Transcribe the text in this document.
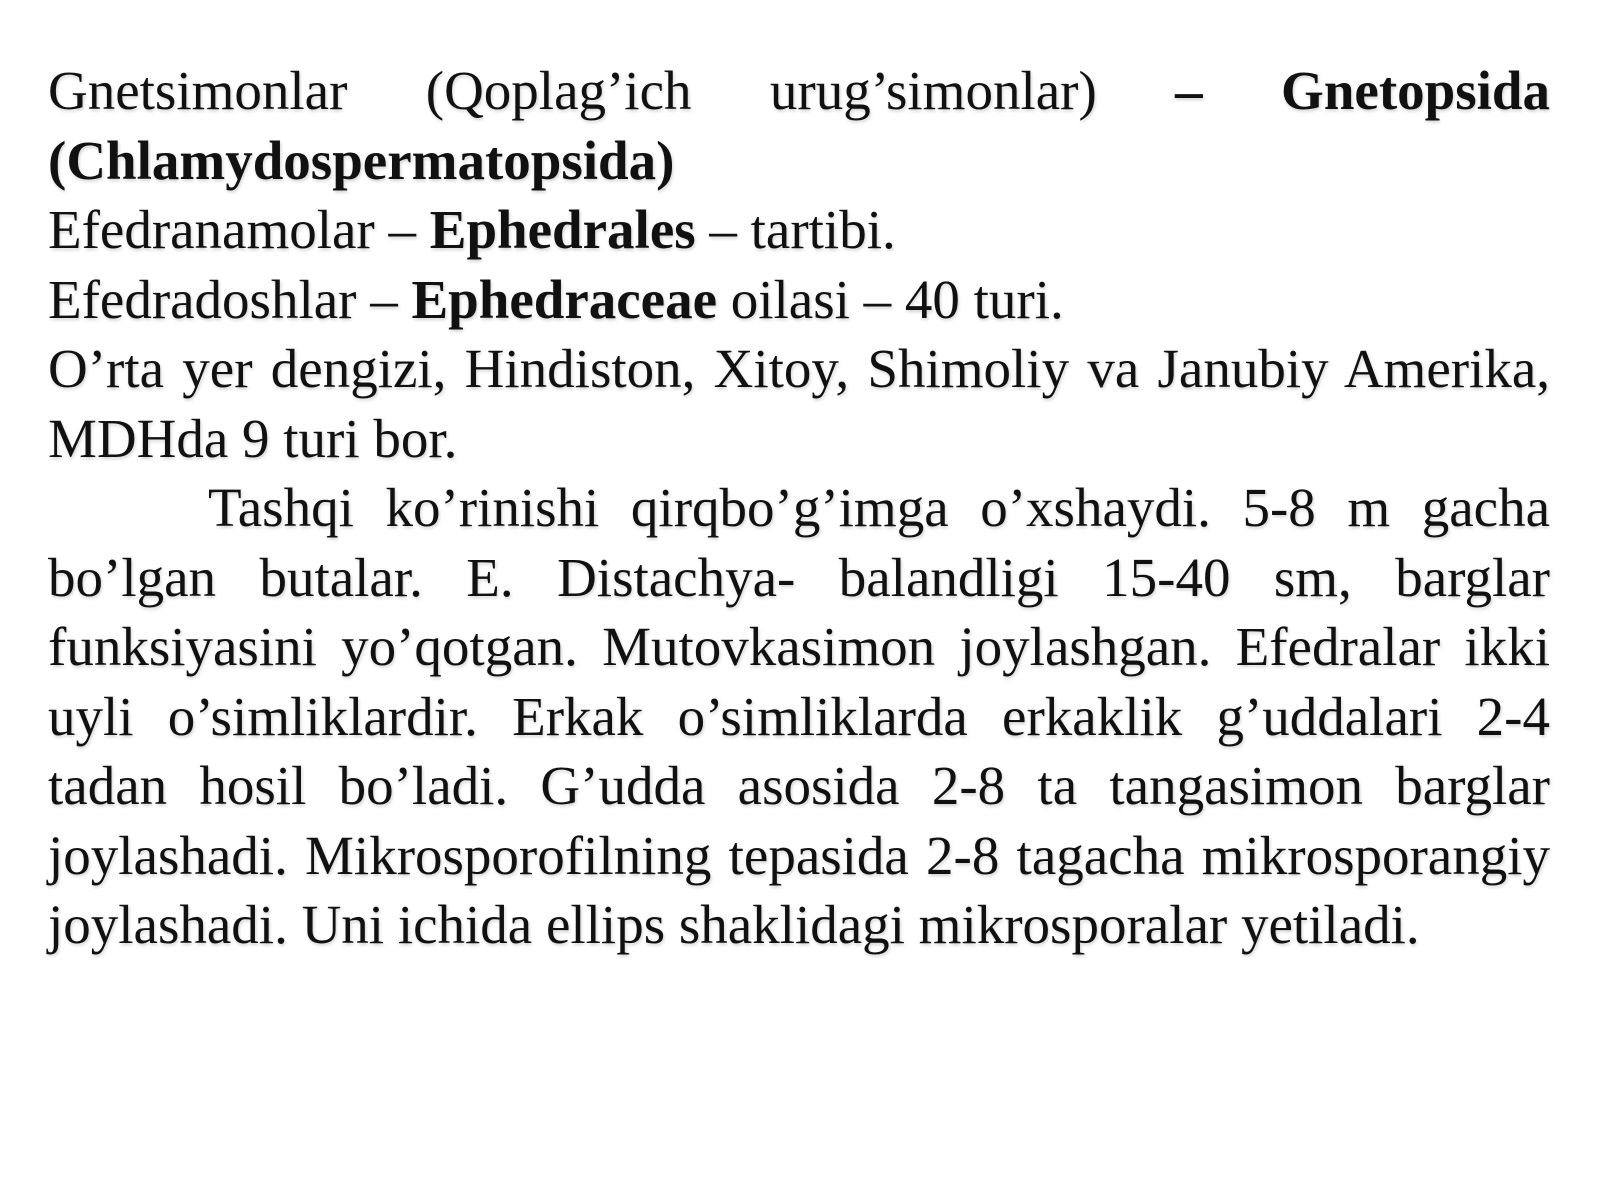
Gnetsimonlar (Qoplag’ich urug’simonlar) – Gnetopsida (Chlamydospermatopsida)

Efedranamolar – Ephedrales – tartibi.

Efedradoshlar – Ephedraceae oilasi – 40 turi.

O’rta yer dengizi, Hindiston, Xitoy, Shimoliy va Janubiy Amerika, MDHda 9 turi bor.

Tashqi ko’rinishi qirqbo’g’imga o’xshaydi. 5-8 m gacha bo’lgan butalar. E. Distachya- balandligi 15-40 sm, barglar funksiyasini yo’qotgan. Mutovkasimon joylashgan. Efedralar ikki uyli o’simliklardir. Erkak o’simliklarda erkaklik g’uddalari 2-4 tadan hosil bo’ladi. G’udda asosida 2-8 ta tangasimon barglar joylashadi. Mikrosporofilning tepasida 2-8 tagacha mikrosporangiy joylashadi. Uni ichida ellips shaklidagi mikrosporalar yetiladi.
